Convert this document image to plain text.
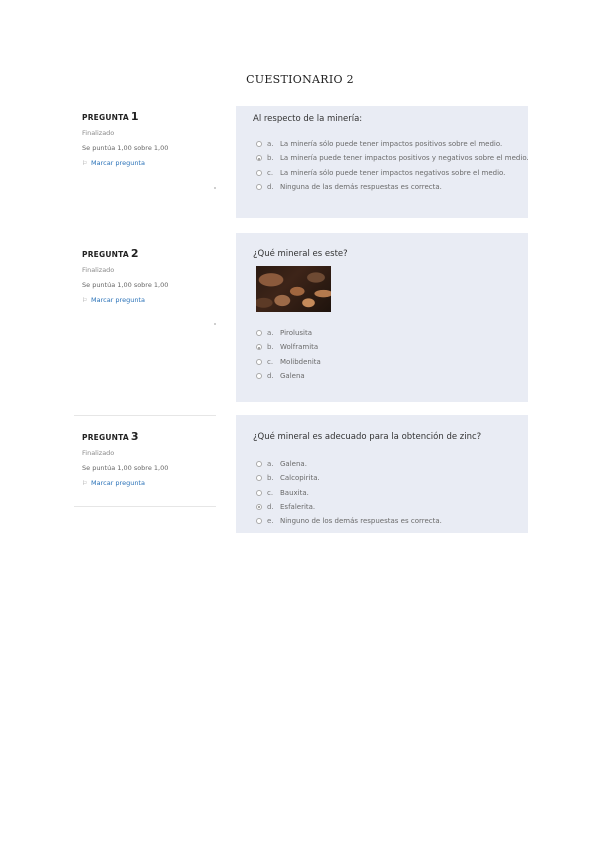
CUESTIONARIO 2
PREGUNTA 1
Finalizado
Se puntúa 1,00 sobre 1,00
⚐ Marcar pregunta
Al respecto de la minería:
a. La minería sólo puede tener impactos positivos sobre el medio.
b. La minería puede tener impactos positivos y negativos sobre el medio.
c. La minería sólo puede tener impactos negativos sobre el medio.
d. Ninguna de las demás respuestas es correcta.
PREGUNTA 2
Finalizado
Se puntúa 1,00 sobre 1,00
⚐ Marcar pregunta
¿Qué mineral es este?
a. Pirolusita
b. Wolframita
c. Molibdenita
d. Galena
PREGUNTA 3
Finalizado
Se puntúa 1,00 sobre 1,00
⚐ Marcar pregunta
¿Qué mineral es adecuado para la obtención de zinc?
a. Galena.
b. Calcopirita.
c. Bauxita.
d. Esfalerita.
e. Ninguno de los demás respuestas es correcta.
